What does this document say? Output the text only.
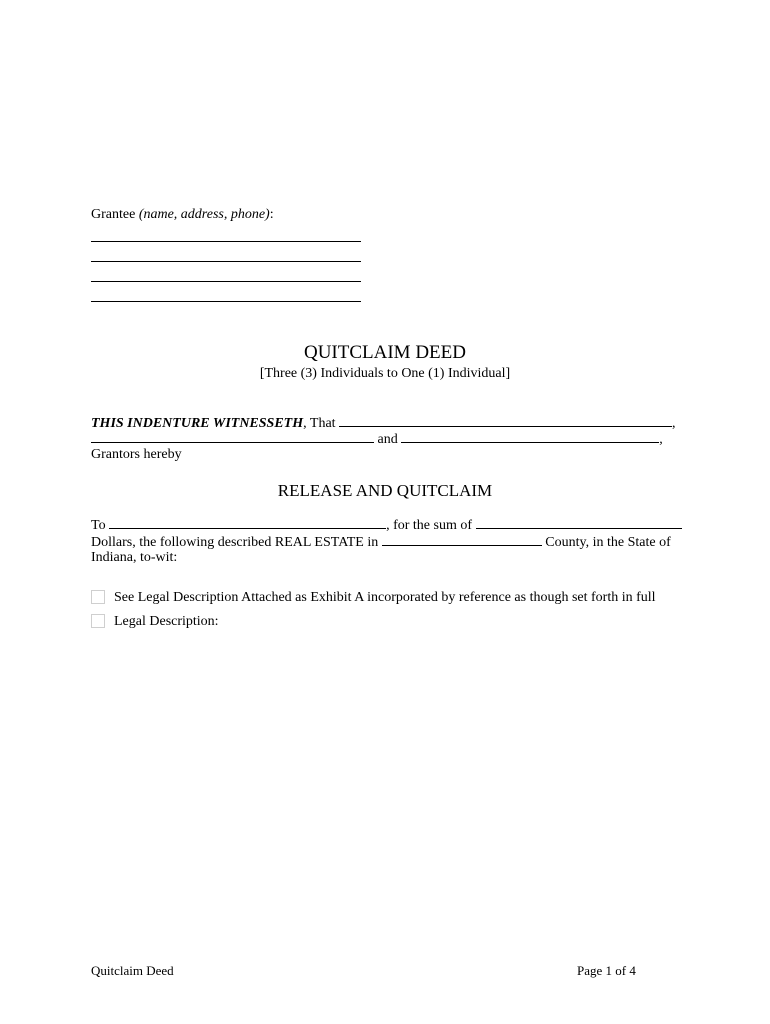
Grantee (name, address, phone):
QUITCLAIM DEED
[Three (3) Individuals to One (1) Individual]
THIS INDENTURE WITNESSETH, That	,
and	,
Grantors hereby
RELEASE AND QUITCLAIM
To	, for the sum of
Dollars, the following described REAL ESTATE in	County, in the State of
Indiana, to-wit:
See Legal Description Attached as Exhibit A incorporated by reference as though set forth in full
Legal Description:
Quitclaim Deed	Page 1 of 4
